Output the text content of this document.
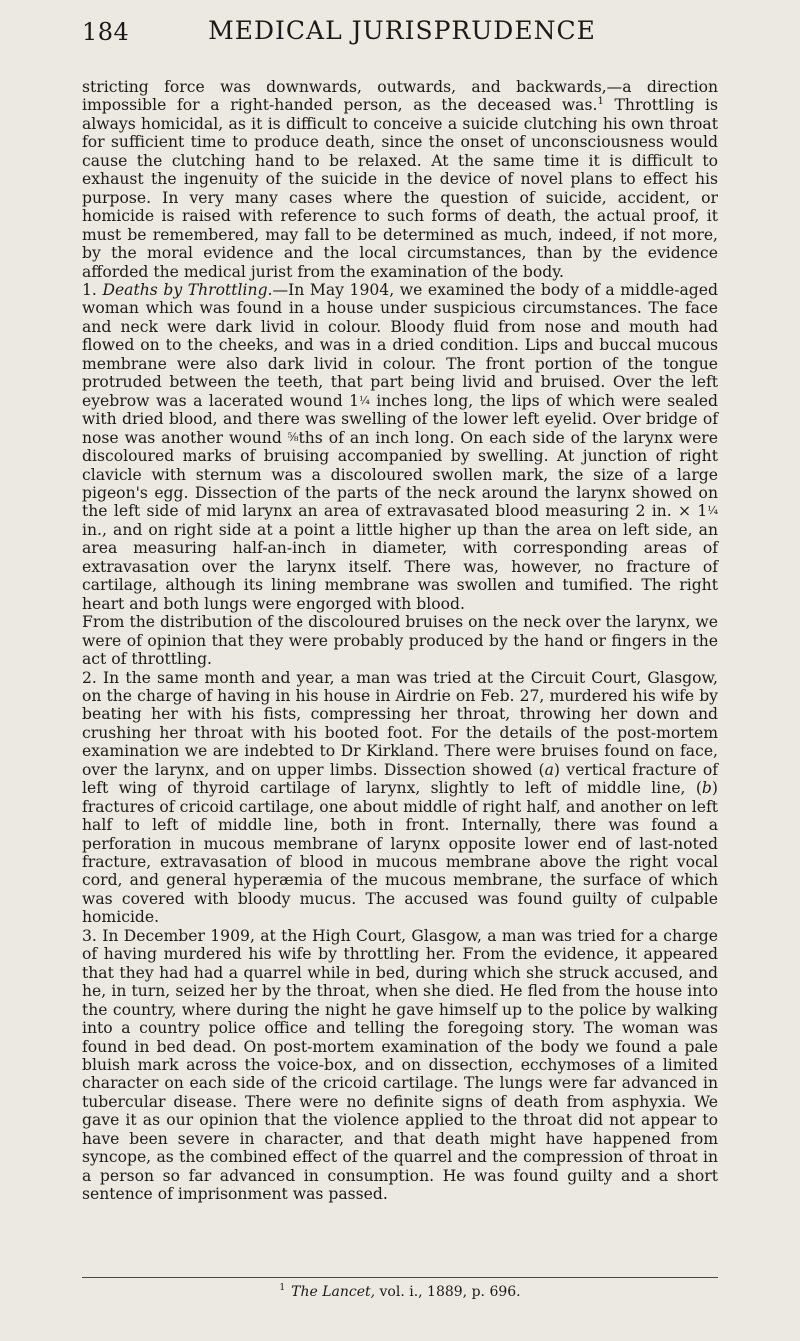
184	MEDICAL JURISPRUDENCE

stricting force was downwards, outwards, and backwards,—a direction impossible for a right-handed person, as the deceased was.$^1$ Throttling is always homicidal, as it is difficult to conceive a suicide clutching his own throat for sufficient time to produce death, since the onset of unconsciousness would cause the clutching hand to be relaxed. At the same time it is difficult to exhaust the ingenuity of the suicide in the device of novel plans to effect his purpose. In very many cases where the question of suicide, accident, or homicide is raised with reference to such forms of death, the actual proof, it must be remembered, may fall to be determined as much, indeed, if not more, by the moral evidence and the local circumstances, than by the evidence afforded the medical jurist from the examination of the body.

1. Deaths by Throttling.—In May 1904, we examined the body of a middle-aged woman which was found in a house under suspicious circumstances. The face and neck were dark livid in colour. Bloody fluid from nose and mouth had flowed on to the cheeks, and was in a dried condition. Lips and buccal mucous membrane were also dark livid in colour. The front portion of the tongue protruded between the teeth, that part being livid and bruised. Over the left eyebrow was a lacerated wound 1¼ inches long, the lips of which were sealed with dried blood, and there was swelling of the lower left eyelid. Over bridge of nose was another wound ⅝ths of an inch long. On each side of the larynx were discoloured marks of bruising accompanied by swelling. At junction of right clavicle with sternum was a discoloured swollen mark, the size of a large pigeon's egg. Dissection of the parts of the neck around the larynx showed on the left side of mid larynx an area of extravasated blood measuring 2 in. × 1¼ in., and on right side at a point a little higher up than the area on left side, an area measuring half-an-inch in diameter, with corresponding areas of extravasation over the larynx itself. There was, however, no fracture of cartilage, although its lining membrane was swollen and tumified. The right heart and both lungs were engorged with blood.

From the distribution of the discoloured bruises on the neck over the larynx, we were of opinion that they were probably produced by the hand or fingers in the act of throttling.

2. In the same month and year, a man was tried at the Circuit Court, Glasgow, on the charge of having in his house in Airdrie on Feb. 27, murdered his wife by beating her with his fists, compressing her throat, throwing her down and crushing her throat with his booted foot. For the details of the post-mortem examination we are indebted to Dr Kirkland. There were bruises found on face, over the larynx, and on upper limbs. Dissection showed (a) vertical fracture of left wing of thyroid cartilage of larynx, slightly to left of middle line, (b) fractures of cricoid cartilage, one about middle of right half, and another on left half to left of middle line, both in front. Internally, there was found a perforation in mucous membrane of larynx opposite lower end of last-noted fracture, extravasation of blood in mucous membrane above the right vocal cord, and general hyperæmia of the mucous membrane, the surface of which was covered with bloody mucus. The accused was found guilty of culpable homicide.

3. In December 1909, at the High Court, Glasgow, a man was tried for a charge of having murdered his wife by throttling her. From the evidence, it appeared that they had had a quarrel while in bed, during which she struck accused, and he, in turn, seized her by the throat, when she died. He fled from the house into the country, where during the night he gave himself up to the police by walking into a country police office and telling the foregoing story. The woman was found in bed dead. On post-mortem examination of the body we found a pale bluish mark across the voice-box, and on dissection, ecchymoses of a limited character on each side of the cricoid cartilage. The lungs were far advanced in tubercular disease. There were no definite signs of death from asphyxia. We gave it as our opinion that the violence applied to the throat did not appear to have been severe in character, and that death might have happened from syncope, as the combined effect of the quarrel and the compression of throat in a person so far advanced in consumption. He was found guilty and a short sentence of imprisonment was passed.

$^1$ The Lancet, vol. i., 1889, p. 696.
